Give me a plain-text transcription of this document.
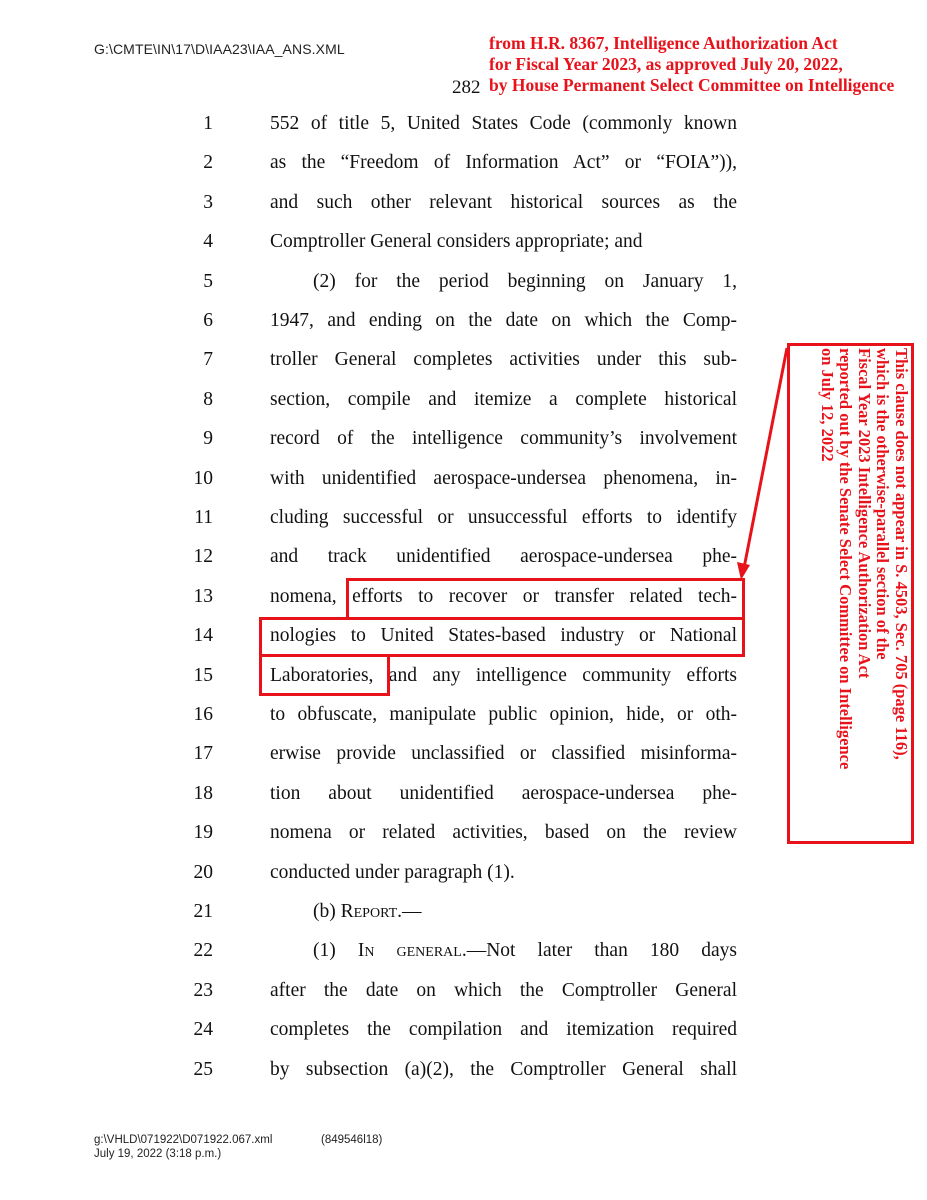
G:\CMTE\IN\17\D\IAA23\IAA_ANS.XML
282
from H.R. 8367, Intelligence Authorization Act
for Fiscal Year 2023, as approved July 20, 2022,
by House Permanent Select Committee on Intelligence
1	552 of title 5, United States Code (commonly known
2	as the “Freedom of Information Act” or “FOIA”)),
3	and such other relevant historical sources as the
4	Comptroller General considers appropriate; and
5	(2) for the period beginning on January 1,
6	1947, and ending on the date on which the Comp-
7	troller General completes activities under this sub-
8	section, compile and itemize a complete historical
9	record of the intelligence community’s involvement
10	with unidentified aerospace-undersea phenomena, in-
11	cluding successful or unsuccessful efforts to identify
12	and track unidentified aerospace-undersea phe-
13	nomena, efforts to recover or transfer related tech-
14	nologies to United States-based industry or National
15	Laboratories, and any intelligence community efforts
16	to obfuscate, manipulate public opinion, hide, or oth-
17	erwise provide unclassified or classified misinforma-
18	tion about unidentified aerospace-undersea phe-
19	nomena or related activities, based on the review
20	conducted under paragraph (1).
21	(b) Report.—
22	(1) In general.—Not later than 180 days
23	after the date on which the Comptroller General
24	completes the compilation and itemization required
25	by subsection (a)(2), the Comptroller General shall
This clause does not appear in S. 4503, Sec. 705 (page 116),
which is the otherwise-parallel section of the
Fiscal Year 2023 Intelligence Authorization Act
reported out by the Senate Select Committee on Intelligence
on July 12, 2022
g:\VHLD\071922\D071922.067.xml	(849546l18)
July 19, 2022 (3:18 p.m.)
